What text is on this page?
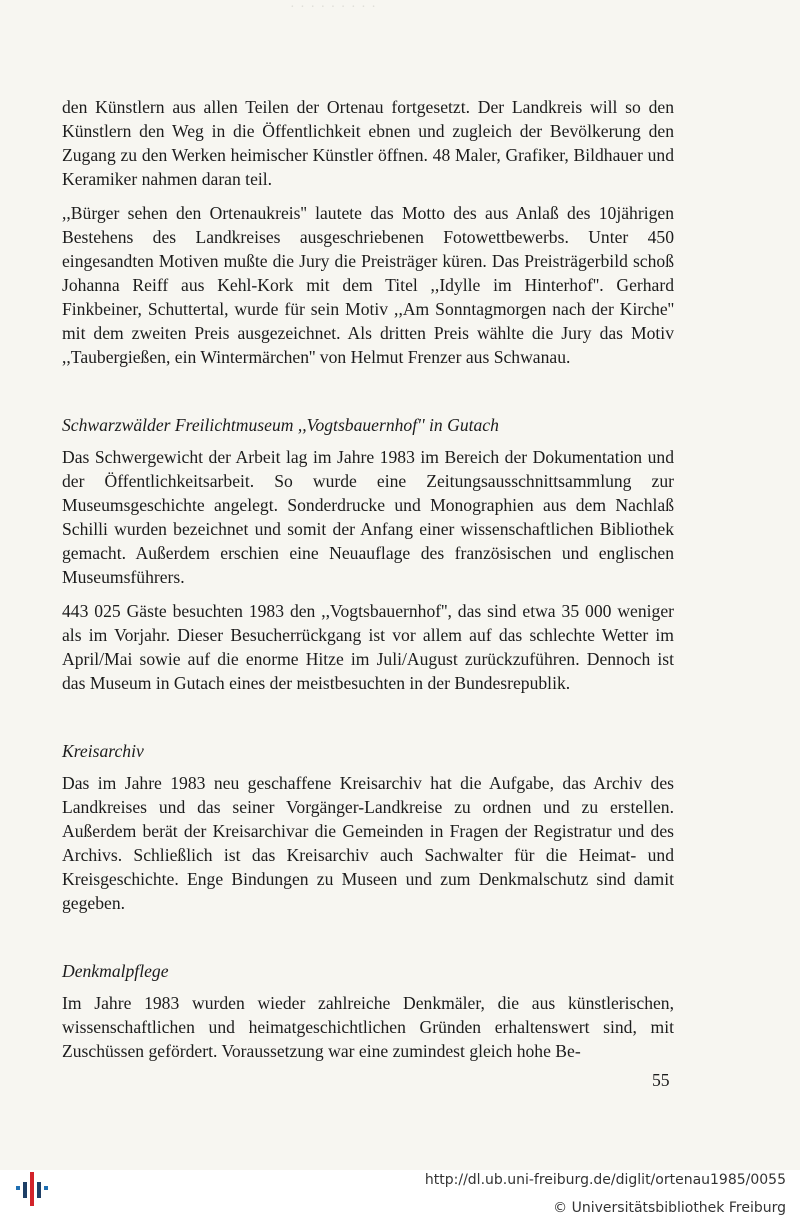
· · · · · · · · ·

den Künstlern aus allen Teilen der Ortenau fortgesetzt. Der Landkreis will so den Künstlern den Weg in die Öffentlichkeit ebnen und zugleich der Bevölkerung den Zugang zu den Werken heimischer Künstler öffnen. 48 Maler, Grafiker, Bildhauer und Keramiker nahmen daran teil.

,,Bürger sehen den Ortenaukreis'' lautete das Motto des aus Anlaß des 10jährigen Bestehens des Landkreises ausgeschriebenen Fotowettbewerbs. Unter 450 eingesandten Motiven mußte die Jury die Preisträger küren. Das Preisträgerbild schoß Johanna Reiff aus Kehl-Kork mit dem Titel ,,Idylle im Hinterhof''. Gerhard Finkbeiner, Schuttertal, wurde für sein Motiv ,,Am Sonntagmorgen nach der Kirche'' mit dem zweiten Preis ausgezeichnet. Als dritten Preis wählte die Jury das Motiv ,,Taubergießen, ein Wintermärchen'' von Helmut Frenzer aus Schwanau.

Schwarzwälder Freilichtmuseum ,,Vogtsbauernhof'' in Gutach

Das Schwergewicht der Arbeit lag im Jahre 1983 im Bereich der Dokumentation und der Öffentlichkeitsarbeit. So wurde eine Zeitungsausschnittsammlung zur Museumsgeschichte angelegt. Sonderdrucke und Monographien aus dem Nachlaß Schilli wurden bezeichnet und somit der Anfang einer wissenschaftlichen Bibliothek gemacht. Außerdem erschien eine Neuauflage des französischen und englischen Museumsführers.

443 025 Gäste besuchten 1983 den ,,Vogtsbauernhof'', das sind etwa 35 000 weniger als im Vorjahr. Dieser Besucherrückgang ist vor allem auf das schlechte Wetter im April/Mai sowie auf die enorme Hitze im Juli/August zurückzuführen. Dennoch ist das Museum in Gutach eines der meistbesuchten in der Bundesrepublik.

Kreisarchiv

Das im Jahre 1983 neu geschaffene Kreisarchiv hat die Aufgabe, das Archiv des Landkreises und das seiner Vorgänger-Landkreise zu ordnen und zu erstellen. Außerdem berät der Kreisarchivar die Gemeinden in Fragen der Registratur und des Archivs. Schließlich ist das Kreisarchiv auch Sachwalter für die Heimat- und Kreisgeschichte. Enge Bindungen zu Museen und zum Denkmalschutz sind damit gegeben.

Denkmalpflege

Im Jahre 1983 wurden wieder zahlreiche Denkmäler, die aus künstlerischen, wissenschaftlichen und heimatgeschichtlichen Gründen erhaltenswert sind, mit Zuschüssen gefördert. Voraussetzung war eine zumindest gleich hohe Be-

55
http://dl.ub.uni-freiburg.de/diglit/ortenau1985/0055
© Universitätsbibliothek Freiburg
